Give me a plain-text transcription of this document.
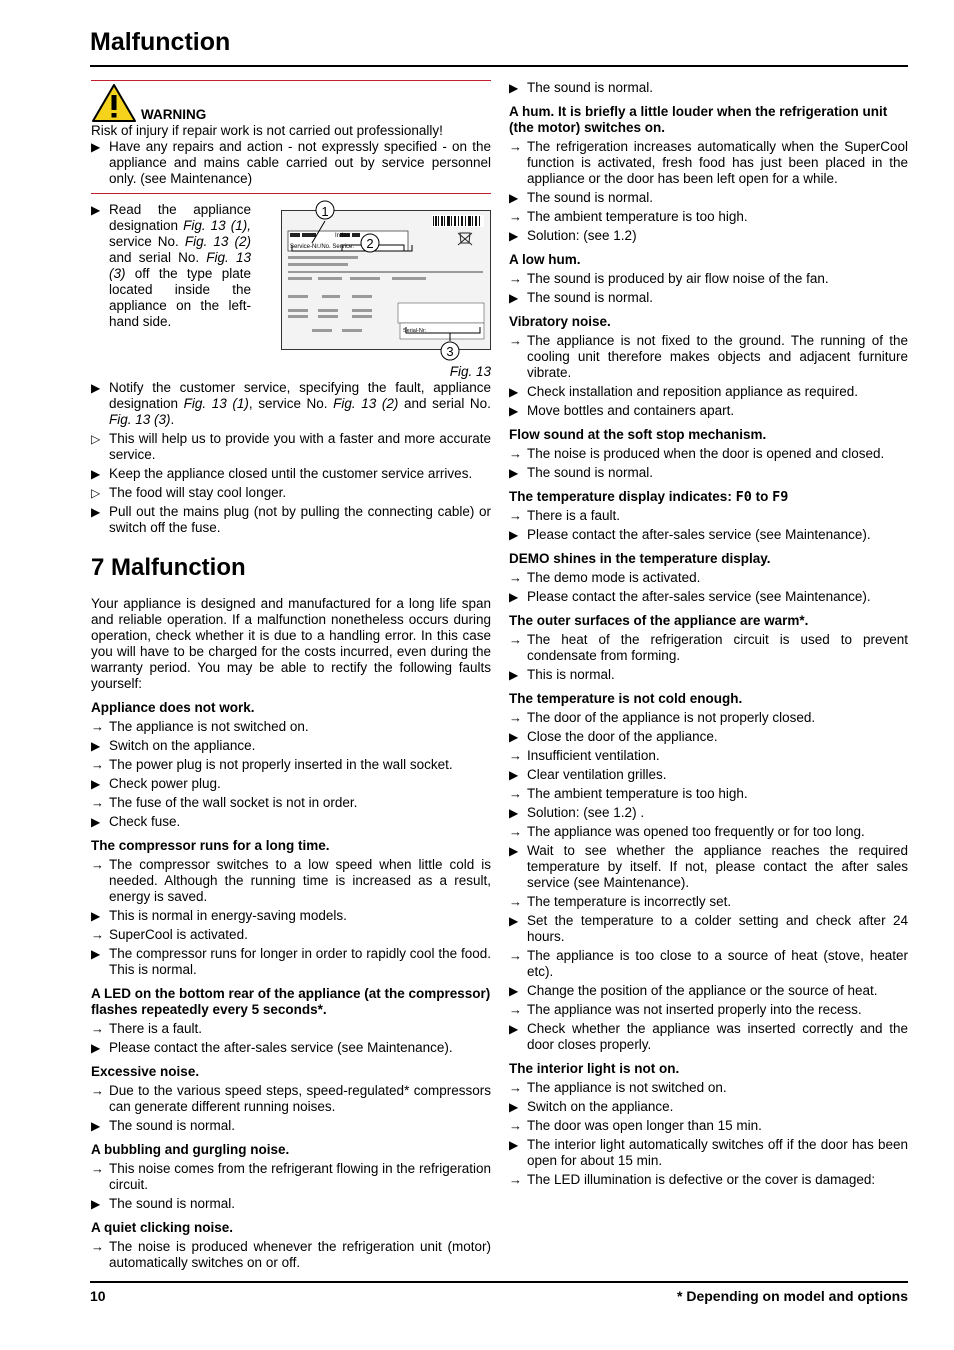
Malfunction
WARNING
Risk of injury if repair work is not carried out professionally!
▶ Have any repairs and action - not expressly specified - on the appliance and mains cable carried out by service personnel only. (see Maintenance)
▶ Read the appliance designation Fig. 13 (1), service No. Fig. 13 (2) and serial No. Fig. 13 (3) off the type plate located inside the appliance on the left-hand side.
1
2
3
Index
Service-Nr./No. Service:
Serial-Nr:
Fig. 13
▶ Notify the customer service, specifying the fault, appliance designation Fig. 13 (1), service No. Fig. 13 (2) and serial No. Fig. 13 (3).
▷ This will help us to provide you with a faster and more accurate service.
▶ Keep the appliance closed until the customer service arrives.
▷ The food will stay cool longer.
▶ Pull out the mains plug (not by pulling the connecting cable) or switch off the fuse.
7 Malfunction
Your appliance is designed and manufactured for a long life span and reliable operation. If a malfunction nonetheless occurs during operation, check whether it is due to a handling error. In this case you will have to be charged for the costs incurred, even during the warranty period. You may be able to rectify the following faults yourself:
Appliance does not work.
→ The appliance is not switched on.
▶ Switch on the appliance.
→ The power plug is not properly inserted in the wall socket.
▶ Check power plug.
→ The fuse of the wall socket is not in order.
▶ Check fuse.
The compressor runs for a long time.
→ The compressor switches to a low speed when little cold is needed. Although the running time is increased as a result, energy is saved.
▶ This is normal in energy-saving models.
→ SuperCool is activated.
▶ The compressor runs for longer in order to rapidly cool the food. This is normal.
A LED on the bottom rear of the appliance (at the compressor) flashes repeatedly every 5 seconds*.
→ There is a fault.
▶ Please contact the after-sales service (see Maintenance).
Excessive noise.
→ Due to the various speed steps, speed-regulated* compressors can generate different running noises.
▶ The sound is normal.
A bubbling and gurgling noise.
→ This noise comes from the refrigerant flowing in the refrigeration circuit.
▶ The sound is normal.
A quiet clicking noise.
→ The noise is produced whenever the refrigeration unit (motor) automatically switches on or off.
▶ The sound is normal.
A hum. It is briefly a little louder when the refrigeration unit (the motor) switches on.
→ The refrigeration increases automatically when the SuperCool function is activated, fresh food has just been placed in the appliance or the door has been left open for a while.
▶ The sound is normal.
→ The ambient temperature is too high.
▶ Solution: (see 1.2)
A low hum.
→ The sound is produced by air flow noise of the fan.
▶ The sound is normal.
Vibratory noise.
→ The appliance is not fixed to the ground. The running of the cooling unit therefore makes objects and adjacent furniture vibrate.
▶ Check installation and reposition appliance as required.
▶ Move bottles and containers apart.
Flow sound at the soft stop mechanism.
→ The noise is produced when the door is opened and closed.
▶ The sound is normal.
The temperature display indicates: F0 to F9
→ There is a fault.
▶ Please contact the after-sales service (see Maintenance).
DEMO shines in the temperature display.
→ The demo mode is activated.
▶ Please contact the after-sales service (see Maintenance).
The outer surfaces of the appliance are warm*.
→ The heat of the refrigeration circuit is used to prevent condensate from forming.
▶ This is normal.
The temperature is not cold enough.
→ The door of the appliance is not properly closed.
▶ Close the door of the appliance.
→ Insufficient ventilation.
▶ Clear ventilation grilles.
→ The ambient temperature is too high.
▶ Solution: (see 1.2) .
→ The appliance was opened too frequently or for too long.
▶ Wait to see whether the appliance reaches the required temperature by itself. If not, please contact the after sales service (see Maintenance).
→ The temperature is incorrectly set.
▶ Set the temperature to a colder setting and check after 24 hours.
→ The appliance is too close to a source of heat (stove, heater etc).
▶ Change the position of the appliance or the source of heat.
→ The appliance was not inserted properly into the recess.
▶ Check whether the appliance was inserted correctly and the door closes properly.
The interior light is not on.
→ The appliance is not switched on.
▶ Switch on the appliance.
→ The door was open longer than 15 min.
▶ The interior light automatically switches off if the door has been open for about 15 min.
→ The LED illumination is defective or the cover is damaged:
10	* Depending on model and options
